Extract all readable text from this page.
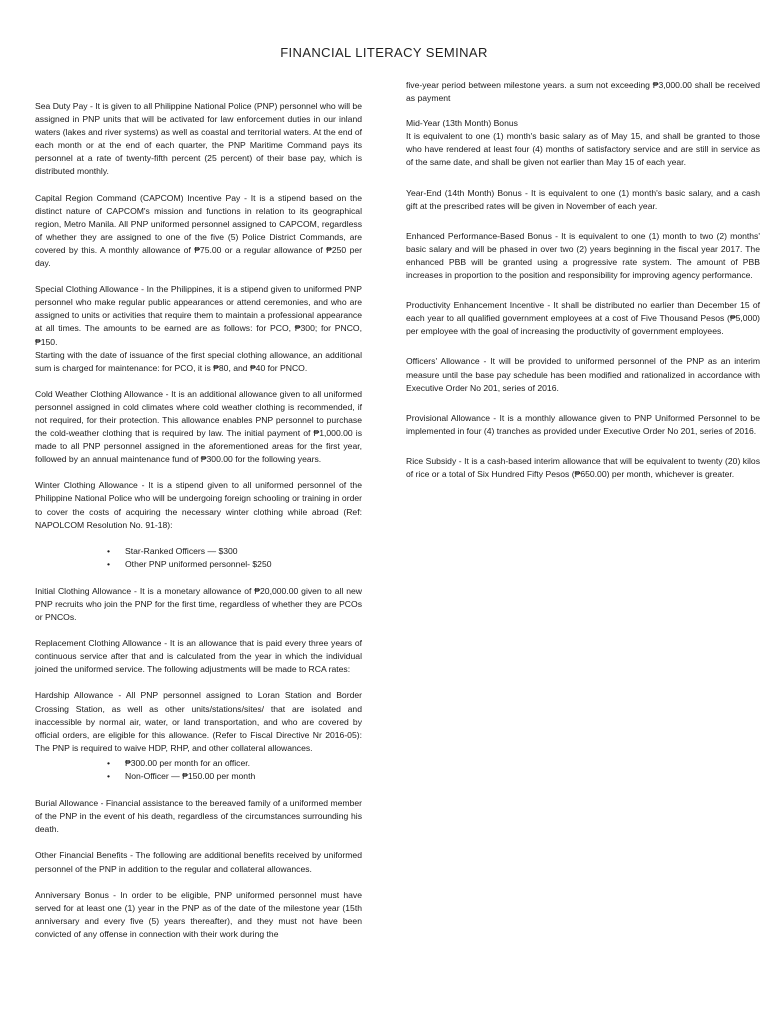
FINANCIAL LITERACY SEMINAR

Sea Duty Pay - It is given to all Philippine National Police (PNP) personnel who will be assigned in PNP units that will be activated for law enforcement duties in our inland waters (lakes and river systems) as well as coastal and territorial waters. At the end of each month or at the end of each quarter, the PNP Maritime Command pays its personnel at a rate of twenty-fifth percent (25 percent) of their base pay, which is distributed monthly.

Capital Region Command (CAPCOM) Incentive Pay - It is a stipend based on the distinct nature of CAPCOM's mission and functions in relation to its geographical region, Metro Manila. All PNP uniformed personnel assigned to CAPCOM, regardless of whether they are assigned to one of the five (5) Police District Commands, are covered by this. A monthly allowance of ₱75.00 or a regular allowance of ₱250 per day.

Special Clothing Allowance - In the Philippines, it is a stipend given to uniformed PNP personnel who make regular public appearances or attend ceremonies, and who are assigned to units or activities that require them to maintain a professional appearance at all times. The amounts to be earned are as follows: for PCO, ₱300; for PNCO, ₱150.

Starting with the date of issuance of the first special clothing allowance, an additional sum is charged for maintenance: for PCO, it is ₱80, and ₱40 for PNCO.

Cold Weather Clothing Allowance - It is an additional allowance given to all uniformed personnel assigned in cold climates where cold weather clothing is recommended, if not required, for their protection. This allowance enables PNP personnel to purchase the cold-weather clothing that is required by law. The initial payment of ₱1,000.00 is made to all PNP personnel assigned in the aforementioned areas for the first year, followed by an annual maintenance fund of ₱300.00 for the following years.

Winter Clothing Allowance - It is a stipend given to all uniformed personnel of the Philippine National Police who will be undergoing foreign schooling or training in order to cover the costs of acquiring the necessary winter clothing while abroad (Ref: NAPOLCOM Resolution No. 91-18):

• Star-Ranked Officers — $300
• Other PNP uniformed personnel- $250

Initial Clothing Allowance - It is a monetary allowance of ₱20,000.00 given to all new PNP recruits who join the PNP for the first time, regardless of whether they are PCOs or PNCOs.

Replacement Clothing Allowance - It is an allowance that is paid every three years of continuous service after that and is calculated from the year in which the individual joined the uniformed service. The following adjustments will be made to RCA rates:

Hardship Allowance - All PNP personnel assigned to Loran Station and Border Crossing Station, as well as other units/stations/sites/ that are isolated and inaccessible by normal air, water, or land transportation, and who are covered by official orders, are eligible for this allowance. (Refer to Fiscal Directive Nr 2016-05): The PNP is required to waive HDP, RHP, and other collateral allowances.

• ₱300.00 per month for an officer.
• Non-Officer — ₱150.00 per month

Burial Allowance - Financial assistance to the bereaved family of a uniformed member of the PNP in the event of his death, regardless of the circumstances surrounding his death.

Other Financial Benefits - The following are additional benefits received by uniformed personnel of the PNP in addition to the regular and collateral allowances.

Anniversary Bonus - In order to be eligible, PNP uniformed personnel must have served for at least one (1) year in the PNP as of the date of the milestone year (15th anniversary and every five (5) years thereafter), and they must not have been convicted of any offense in connection with their work during the

five-year period between milestone years. a sum not exceeding ₱3,000.00 shall be received as payment

Mid-Year (13th Month) Bonus

It is equivalent to one (1) month's basic salary as of May 15, and shall be granted to those who have rendered at least four (4) months of satisfactory service and are still in service as of the same date, and shall be given not earlier than May 15 of each year.

Year-End (14th Month) Bonus - It is equivalent to one (1) month's basic salary, and a cash gift at the prescribed rates will be given in November of each year.

Enhanced Performance-Based Bonus - It is equivalent to one (1) month to two (2) months' basic salary and will be phased in over two (2) years beginning in the fiscal year 2017. The enhanced PBB will be granted using a progressive rate system. The amount of PBB increases in proportion to the position and responsibility for improving agency performance.

Productivity Enhancement Incentive - It shall be distributed no earlier than December 15 of each year to all qualified government employees at a cost of Five Thousand Pesos (₱5,000) per employee with the goal of increasing the productivity of government employees.

Officers' Allowance - It will be provided to uniformed personnel of the PNP as an interim measure until the base pay schedule has been modified and rationalized in accordance with Executive Order No 201, series of 2016.

Provisional Allowance - It is a monthly allowance given to PNP Uniformed Personnel to be implemented in four (4) tranches as provided under Executive Order No 201, series of 2016.

Rice Subsidy - It is a cash-based interim allowance that will be equivalent to twenty (20) kilos of rice or a total of Six Hundred Fifty Pesos (₱650.00) per month, whichever is greater.
